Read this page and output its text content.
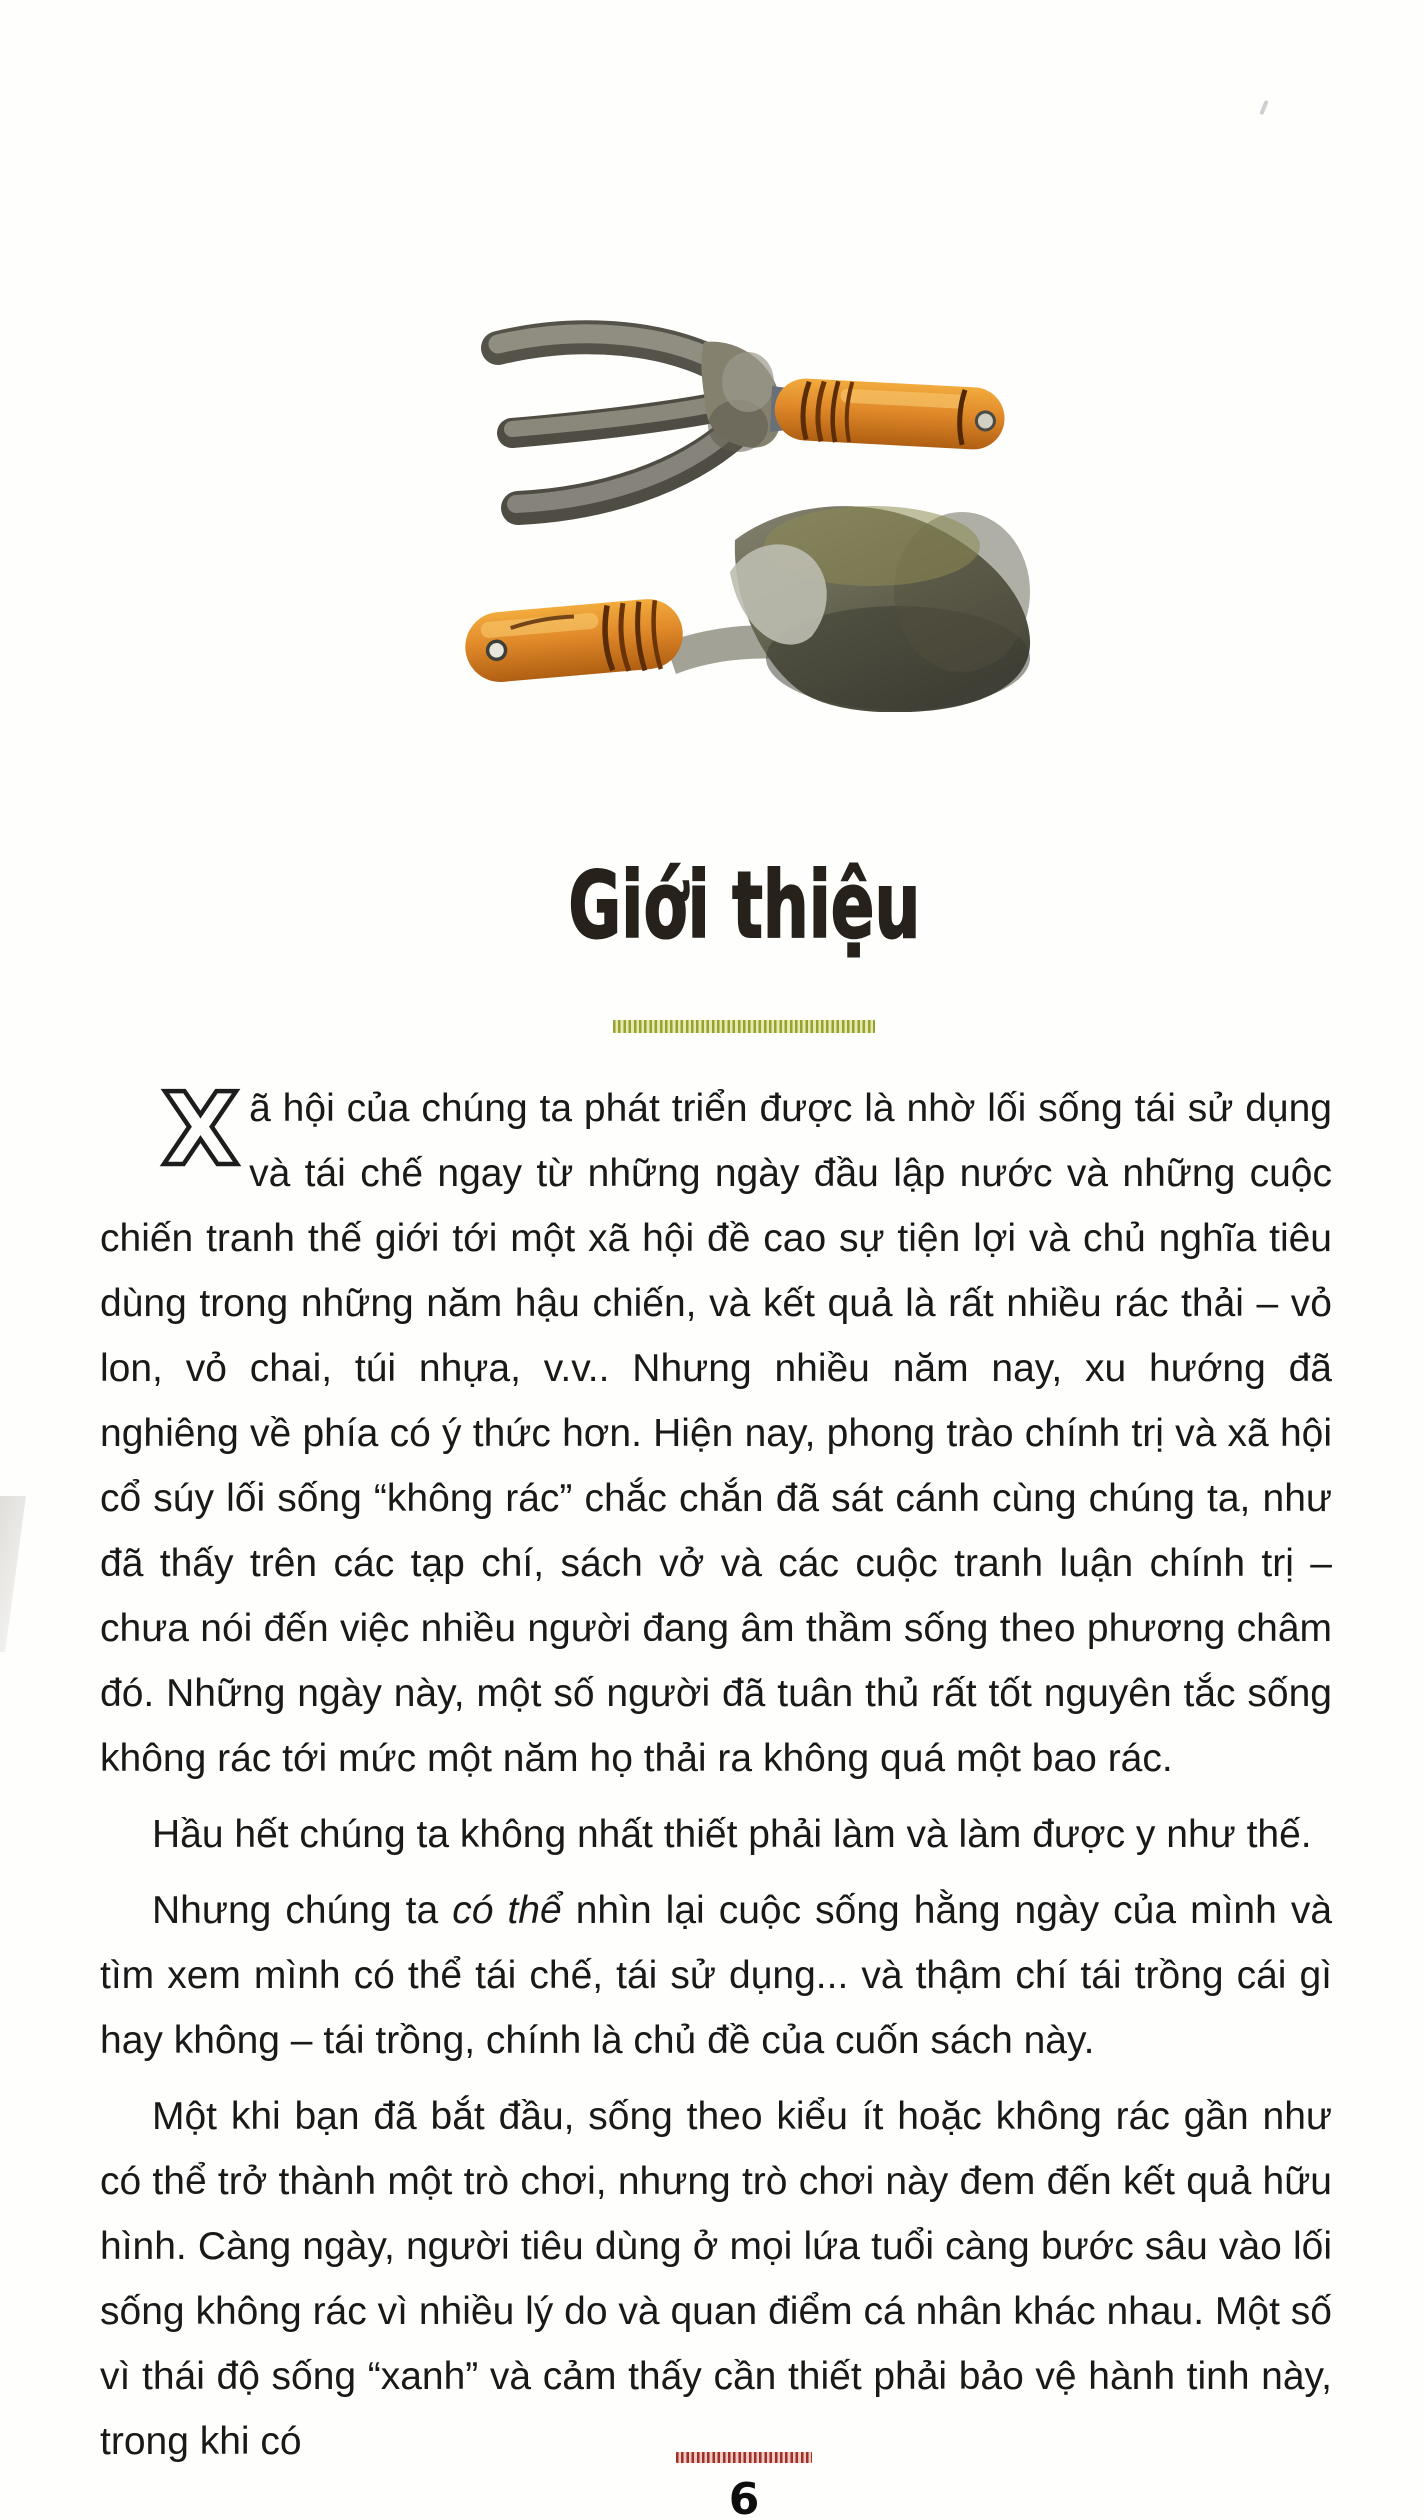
Giới thiệu

Xã hội của chúng ta phát triển được là nhờ lối sống tái sử dụng và tái chế ngay từ những ngày đầu lập nước và những cuộc chiến tranh thế giới tới một xã hội đề cao sự tiện lợi và chủ nghĩa tiêu dùng trong những năm hậu chiến, và kết quả là rất nhiều rác thải – vỏ lon, vỏ chai, túi nhựa, v.v.. Nhưng nhiều năm nay, xu hướng đã nghiêng về phía có ý thức hơn. Hiện nay, phong trào chính trị và xã hội cổ súy lối sống “không rác” chắc chắn đã sát cánh cùng chúng ta, như đã thấy trên các tạp chí, sách vở và các cuộc tranh luận chính trị – chưa nói đến việc nhiều người đang âm thầm sống theo phương châm đó. Những ngày này, một số người đã tuân thủ rất tốt nguyên tắc sống không rác tới mức một năm họ thải ra không quá một bao rác.

Hầu hết chúng ta không nhất thiết phải làm và làm được y như thế.

Nhưng chúng ta có thể nhìn lại cuộc sống hằng ngày của mình và tìm xem mình có thể tái chế, tái sử dụng... và thậm chí tái trồng cái gì hay không – tái trồng, chính là chủ đề của cuốn sách này.

Một khi bạn đã bắt đầu, sống theo kiểu ít hoặc không rác gần như có thể trở thành một trò chơi, nhưng trò chơi này đem đến kết quả hữu hình. Càng ngày, người tiêu dùng ở mọi lứa tuổi càng bước sâu vào lối sống không rác vì nhiều lý do và quan điểm cá nhân khác nhau. Một số vì thái độ sống “xanh” và cảm thấy cần thiết phải bảo vệ hành tinh này, trong khi có

6
